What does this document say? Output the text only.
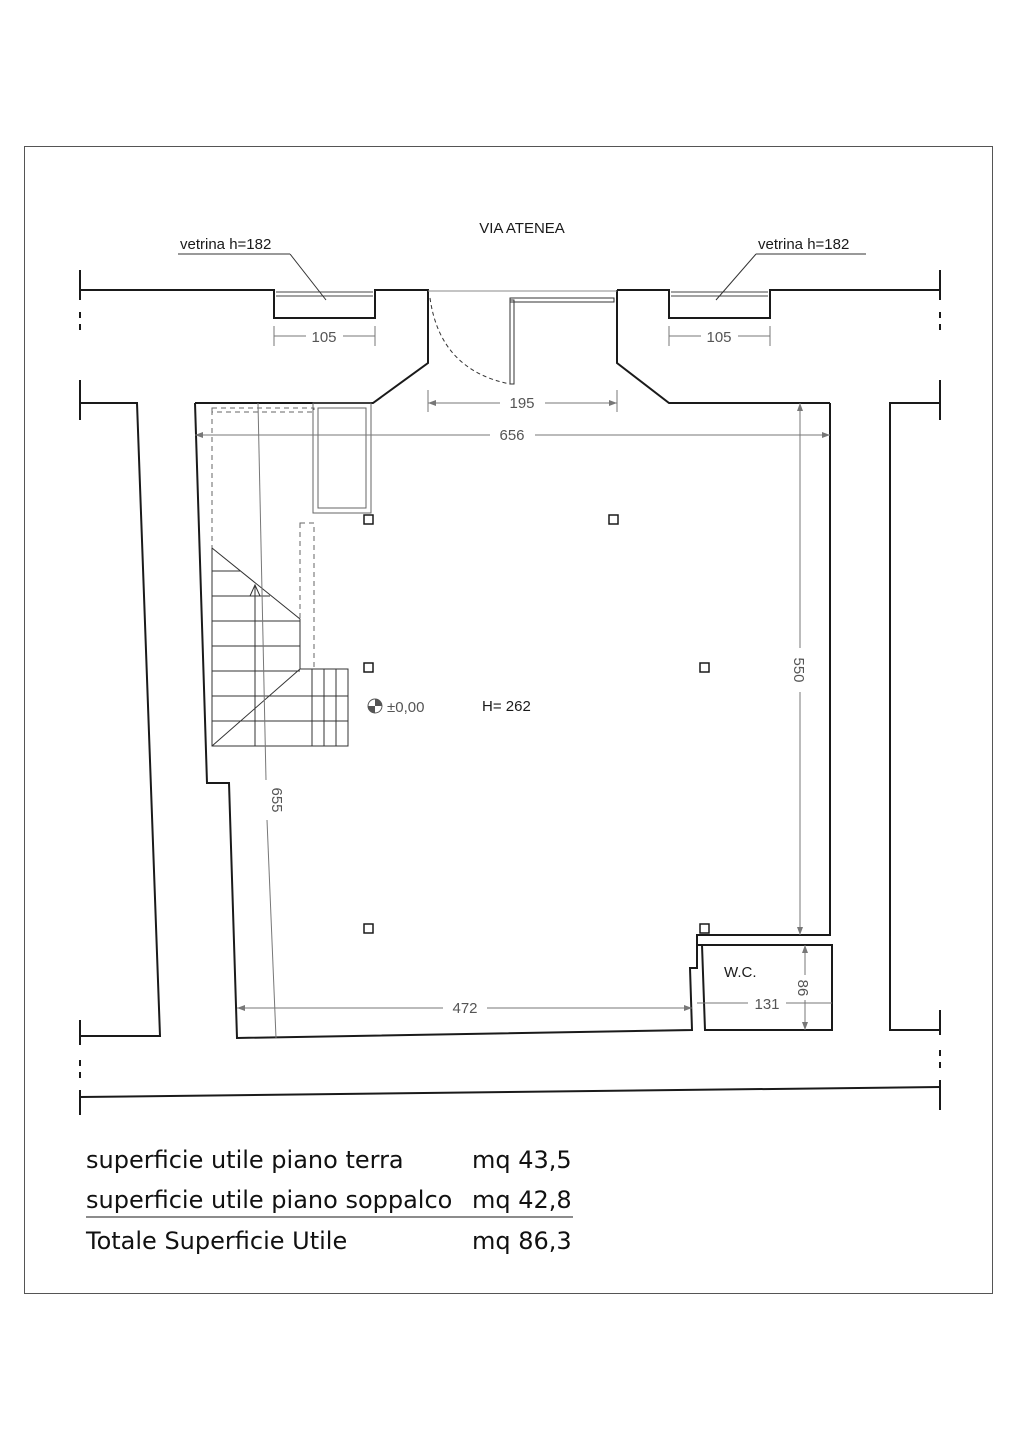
VIA ATENEA
vetrina h=182	vetrina h=182
105	105
195
656
550
655
472	131
86
±0,00	H= 262
W.C.
superficie utile piano terra	mq 43,5
superficie utile piano soppalco mq 42,8
Totale Superficie Utile	mq 86,3
